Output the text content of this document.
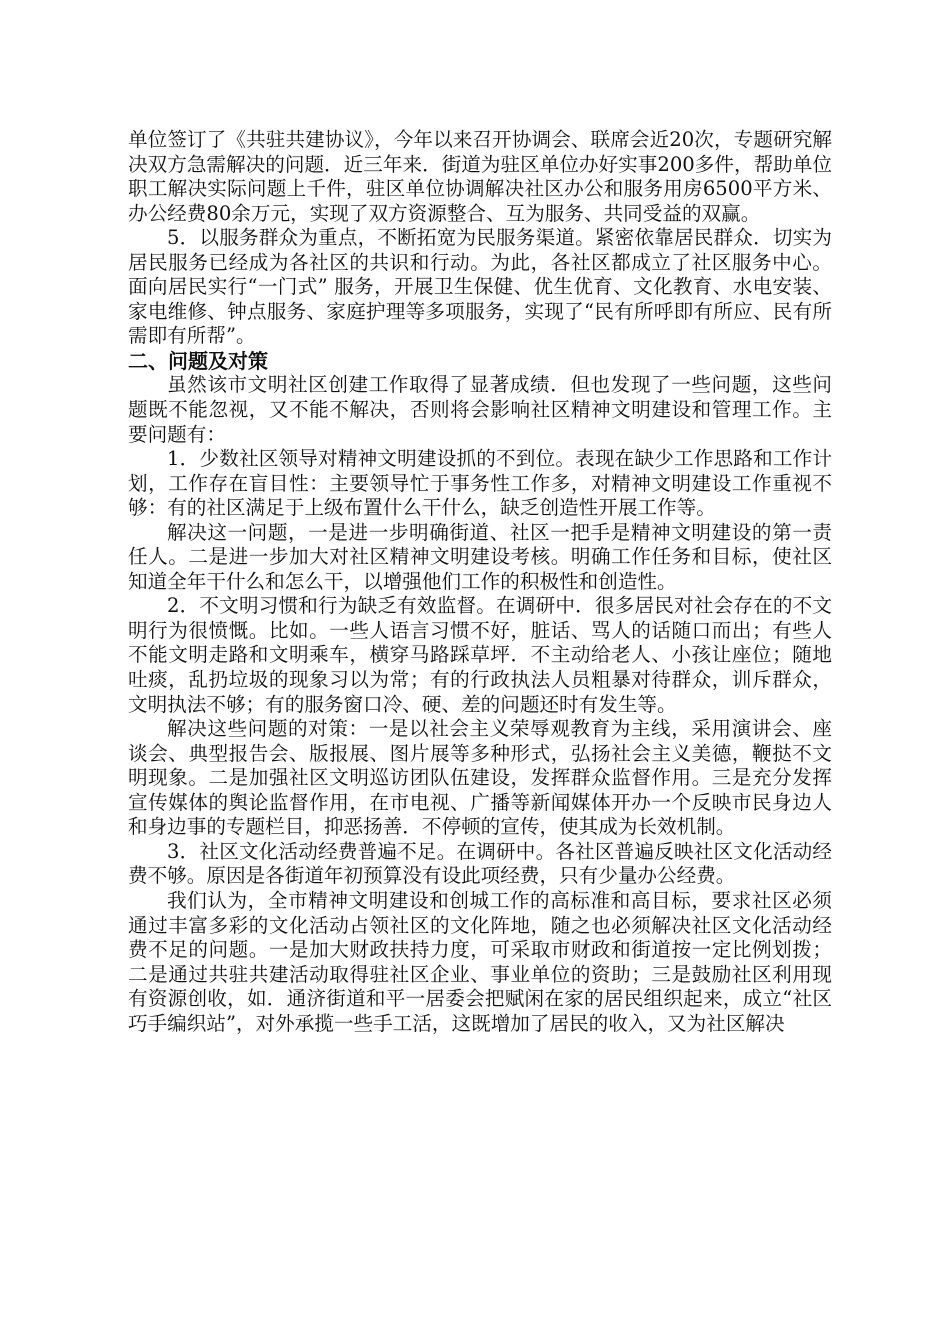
单位签订了《共驻共建协议》，今年以来召开协调会、联席会近20次，专题研究解决双方急需解决的问题．近三年来．街道为驻区单位办好实事200多件，帮助单位职工解决实际问题上千件，驻区单位协调解决社区办公和服务用房6500平方米、办公经费80余万元，实现了双方资源整合、互为服务、共同受益的双赢。

5．以服务群众为重点，不断拓宽为民服务渠道。紧密依靠居民群众．切实为居民服务已经成为各社区的共识和行动。为此，各社区都成立了社区服务中心。面向居民实行“一门式” 服务，开展卫生保健、优生优育、文化教育、水电安装、家电维修、钟点服务、家庭护理等多项服务，实现了“民有所呼即有所应、民有所需即有所帮”。

二、问题及对策

虽然该市文明社区创建工作取得了显著成绩．但也发现了一些问题，这些问题既不能忽视，又不能不解决，否则将会影响社区精神文明建设和管理工作。主要问题有：

1．少数社区领导对精神文明建设抓的不到位。表现在缺少工作思路和工作计划，工作存在盲目性：主要领导忙于事务性工作多，对精神文明建设工作重视不够：有的社区满足于上级布置什么干什么，缺乏创造性开展工作等。

解决这一问题，一是进一步明确街道、社区一把手是精神文明建设的第一责任人。二是进一步加大对社区精神文明建设考核。明确工作任务和目标，使社区知道全年干什么和怎么干，以增强他们工作的积极性和创造性。

2．不文明习惯和行为缺乏有效监督。在调研中．很多居民对社会存在的不文明行为很愤慨。比如。一些人语言习惯不好，脏话、骂人的话随口而出；有些人不能文明走路和文明乘车，横穿马路踩草坪．不主动给老人、小孩让座位；随地吐痰，乱扔垃圾的现象习以为常；有的行政执法人员粗暴对待群众，训斥群众，文明执法不够；有的服务窗口冷、硬、差的问题还时有发生等。

解决这些问题的对策：一是以社会主义荣辱观教育为主线，采用演讲会、座谈会、典型报告会、版报展、图片展等多种形式，弘扬社会主义美德，鞭挞不文明现象。二是加强社区文明巡访团队伍建设，发挥群众监督作用。三是充分发挥宣传媒体的舆论监督作用，在市电视、广播等新闻媒体开办一个反映市民身边人和身边事的专题栏目，抑恶扬善．不停顿的宣传，使其成为长效机制。

3．社区文化活动经费普遍不足。在调研中。各社区普遍反映社区文化活动经费不够。原因是各街道年初预算没有设此项经费，只有少量办公经费。

我们认为，全市精神文明建设和创城工作的高标准和高目标，要求社区必须通过丰富多彩的文化活动占领社区的文化阵地，随之也必须解决社区文化活动经费不足的问题。一是加大财政扶持力度，可采取市财政和街道按一定比例划拨；二是通过共驻共建活动取得驻社区企业、事业单位的资助；三是鼓励社区利用现有资源创收，如．通济街道和平一居委会把赋闲在家的居民组织起来，成立“社区巧手编织站”，对外承揽一些手工活，这既增加了居民的收入，又为社区解决
